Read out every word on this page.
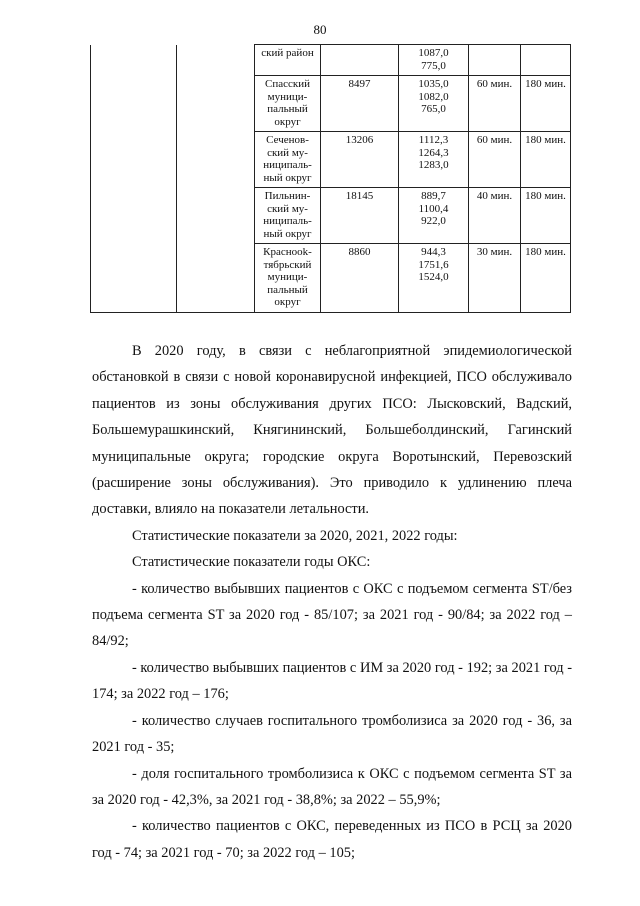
80

		ский район		1087,0
775,0		

		Спасский
муници-
пальный
округ	8497	1035,0
1082,0
765,0	60 мин.	180 мин.

		Сеченов-
ский му-
ниципаль-
ный округ	13206	1112,3
1264,3
1283,0	60 мин.	180 мин.

		Пильнин-
ский му-
ниципаль-
ный округ	18145	889,7
1100,4
922,0	40 мин.	180 мин.

		Краснook-
тябрьский
муници-
пальный
округ	8860	944,3
1751,6
1524,0	30 мин.	180 мин.

В 2020 году, в связи с неблагоприятной эпидемиологической обстановкой в связи с новой коронавирусной инфекцией, ПСО обслуживало пациентов из зоны обслуживания других ПСО: Лысковский, Вадский, Большемурашкинский, Княгининский, Большеболдинский, Гагинский муниципальные округа; городские округа Воротынский, Перевозский (расширение зоны обслуживания). Это приводило к удлинению плеча доставки, влияло на показатели летальности.

Статистические показатели за 2020, 2021, 2022 годы:

Статистические показатели годы ОКС:

- количество выбывших пациентов с ОКС с подъемом сегмента ST/без подъема сегмента ST за 2020 год - 85/107; за 2021 год - 90/84; за 2022 год – 84/92;

- количество выбывших пациентов с ИМ за 2020 год - 192; за 2021 год - 174; за 2022 год – 176;

- количество случаев госпитального тромболизиса за 2020 год - 36, за 2021 год - 35;

- доля госпитального тромболизиса к ОКС с подъемом сегмента ST за за 2020 год - 42,3%, за 2021 год - 38,8%; за 2022 – 55,9%;

- количество пациентов с ОКС, переведенных из ПСО в РСЦ за 2020 год - 74; за 2021 год - 70; за 2022 год – 105;
